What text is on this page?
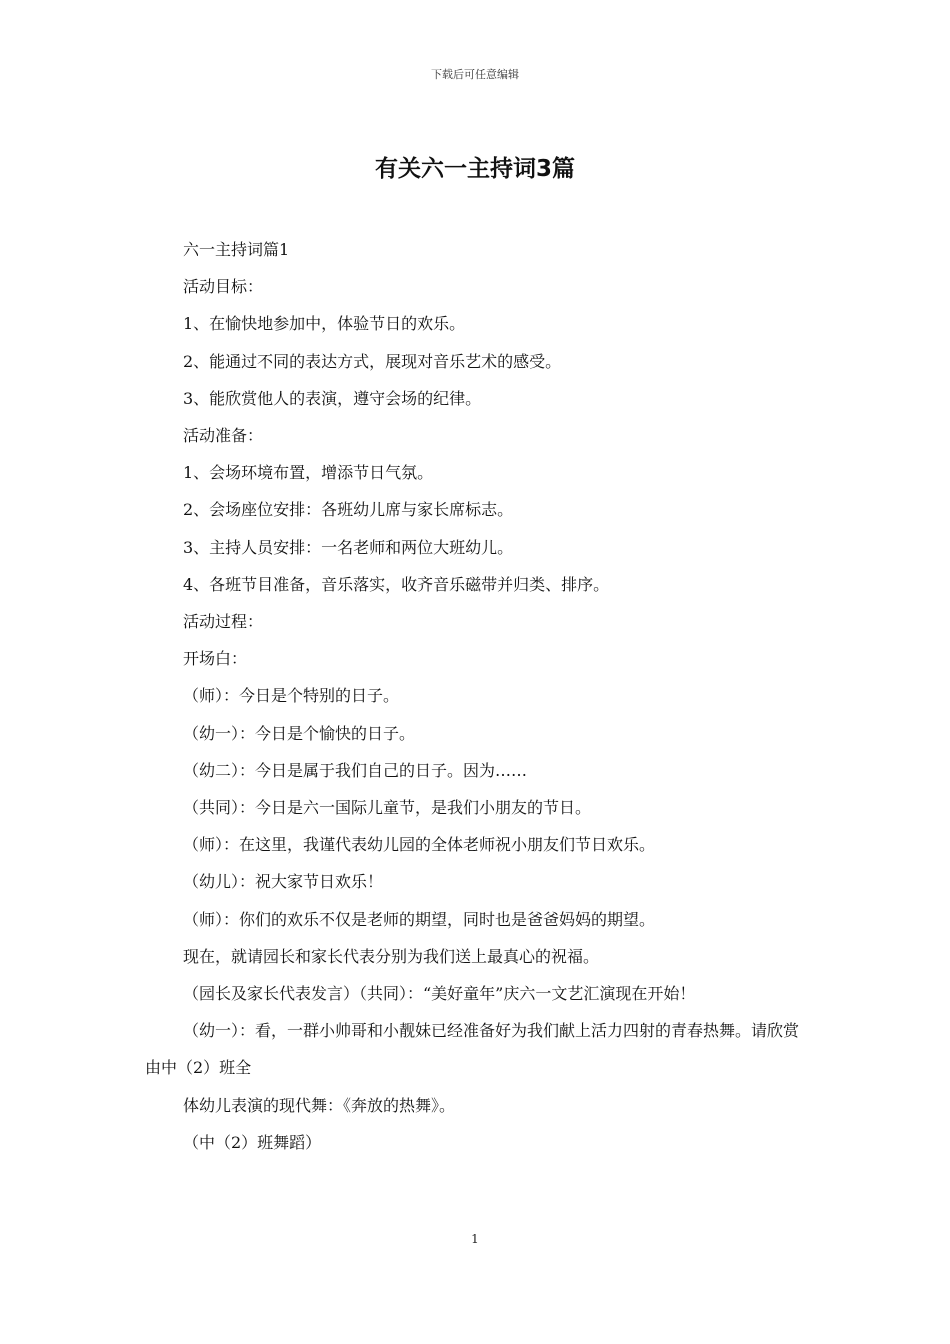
下载后可任意编辑
有关六一主持词3篇

六一主持词篇1

活动目标：

1、在愉快地参加中，体验节日的欢乐。

2、能通过不同的表达方式，展现对音乐艺术的感受。

3、能欣赏他人的表演，遵守会场的纪律。

活动准备：

1、会场环境布置，增添节日气氛。

2、会场座位安排：各班幼儿席与家长席标志。

3、主持人员安排：一名老师和两位大班幼儿。

4、各班节目准备，音乐落实，收齐音乐磁带并归类、排序。

活动过程：

开场白：

（师）：今日是个特别的日子。

（幼一）：今日是个愉快的日子。

（幼二）：今日是属于我们自己的日子。因为……

（共同）：今日是六一国际儿童节，是我们小朋友的节日。

（师）：在这里，我谨代表幼儿园的全体老师祝小朋友们节日欢乐。

（幼儿）：祝大家节日欢乐！

（师）：你们的欢乐不仅是老师的期望，同时也是爸爸妈妈的期望。

现在，就请园长和家长代表分别为我们送上最真心的祝福。

（园长及家长代表发言）（共同）：“美好童年”庆六一文艺汇演现在开始！

（幼一）：看，一群小帅哥和小靓妹已经准备好为我们献上活力四射的青春热舞。请欣赏由中（2）班全

体幼儿表演的现代舞：《奔放的热舞》。

（中（2）班舞蹈）

1
